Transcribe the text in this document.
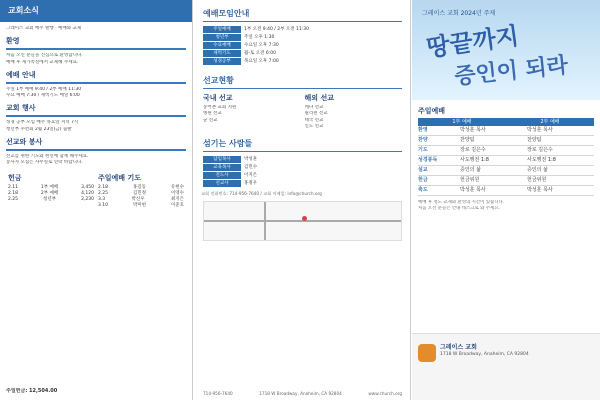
교회소식
그레이스 교회 매주 발행 · 예배와 교제
환영
처음 오신 분들을 진심으로 환영합니다.
예배 후 새가족실에서 교제해 주세요.
예배 안내
주일 1부 예배 9:40 / 2부 예배 11:30
수요 예배 7:30 / 새벽기도 매일 6:00
교회 행사
성경 공부 모임 매주 목요일 저녁 7시
청년부 수련회 2월 23일(금) 출발
선교와 봉사
선교를 위한 기도와 헌신에 함께 해주세요.
봉사자 모집은 사무실로 연락 바랍니다.
헌금
2.11	1부 예배	3,450
2.18	2부 예배	4,120
2.25	청년부	2,230
주일예배 기도
2.18	홍길동	유현수
2.25	김민정	이영수
3.3	박신우	최지은
3.10	박미현	이준호
주일헌금: 12,504.00
예배모임안내
주일예배	1부 오전 9:40 / 2부 오전 11:30
청년부	주일 오후 1:30
수요예배	수요일 오후 7:30
새벽기도	월-토 오전 6:00
성경공부	목요일 오후 7:00
선교현황
국내 선교
농어촌 교회 지원
병원 선교
군 선교
해외 선교
케냐 선교
필리핀 선교
태국 선교
인도 선교
섬기는 사람들
담임목사	박성훈
교육목사	김민수
전도사	이지은
선교사	홍정우
교회 전화번호: 714-956-7640 / 교회 이메일: info@church.org
714-956-7640	1718 W Broadway, Anaheim, CA 92804	www.church.org
그레이스 교회 2024년 주제
땅끝까지
증인이 되라
주일예배
1부 예배	2부 예배
환영	박성훈 목사	박성훈 목사
찬양	찬양팀	찬양팀
기도	장로 김은수	장로 김은수
성경봉독	사도행전 1:8	사도행전 1:8
설교	증인의 삶	증인의 삶
헌금	헌금위원	헌금위원
축도	박성훈 목사	박성훈 목사
예배 후 성도 교제와 환영의 시간이 있습니다.
처음 오신 분들은 안내 데스크로 와 주세요.
그레이스 교회
1718 W Broadway, Anaheim, CA 92804
